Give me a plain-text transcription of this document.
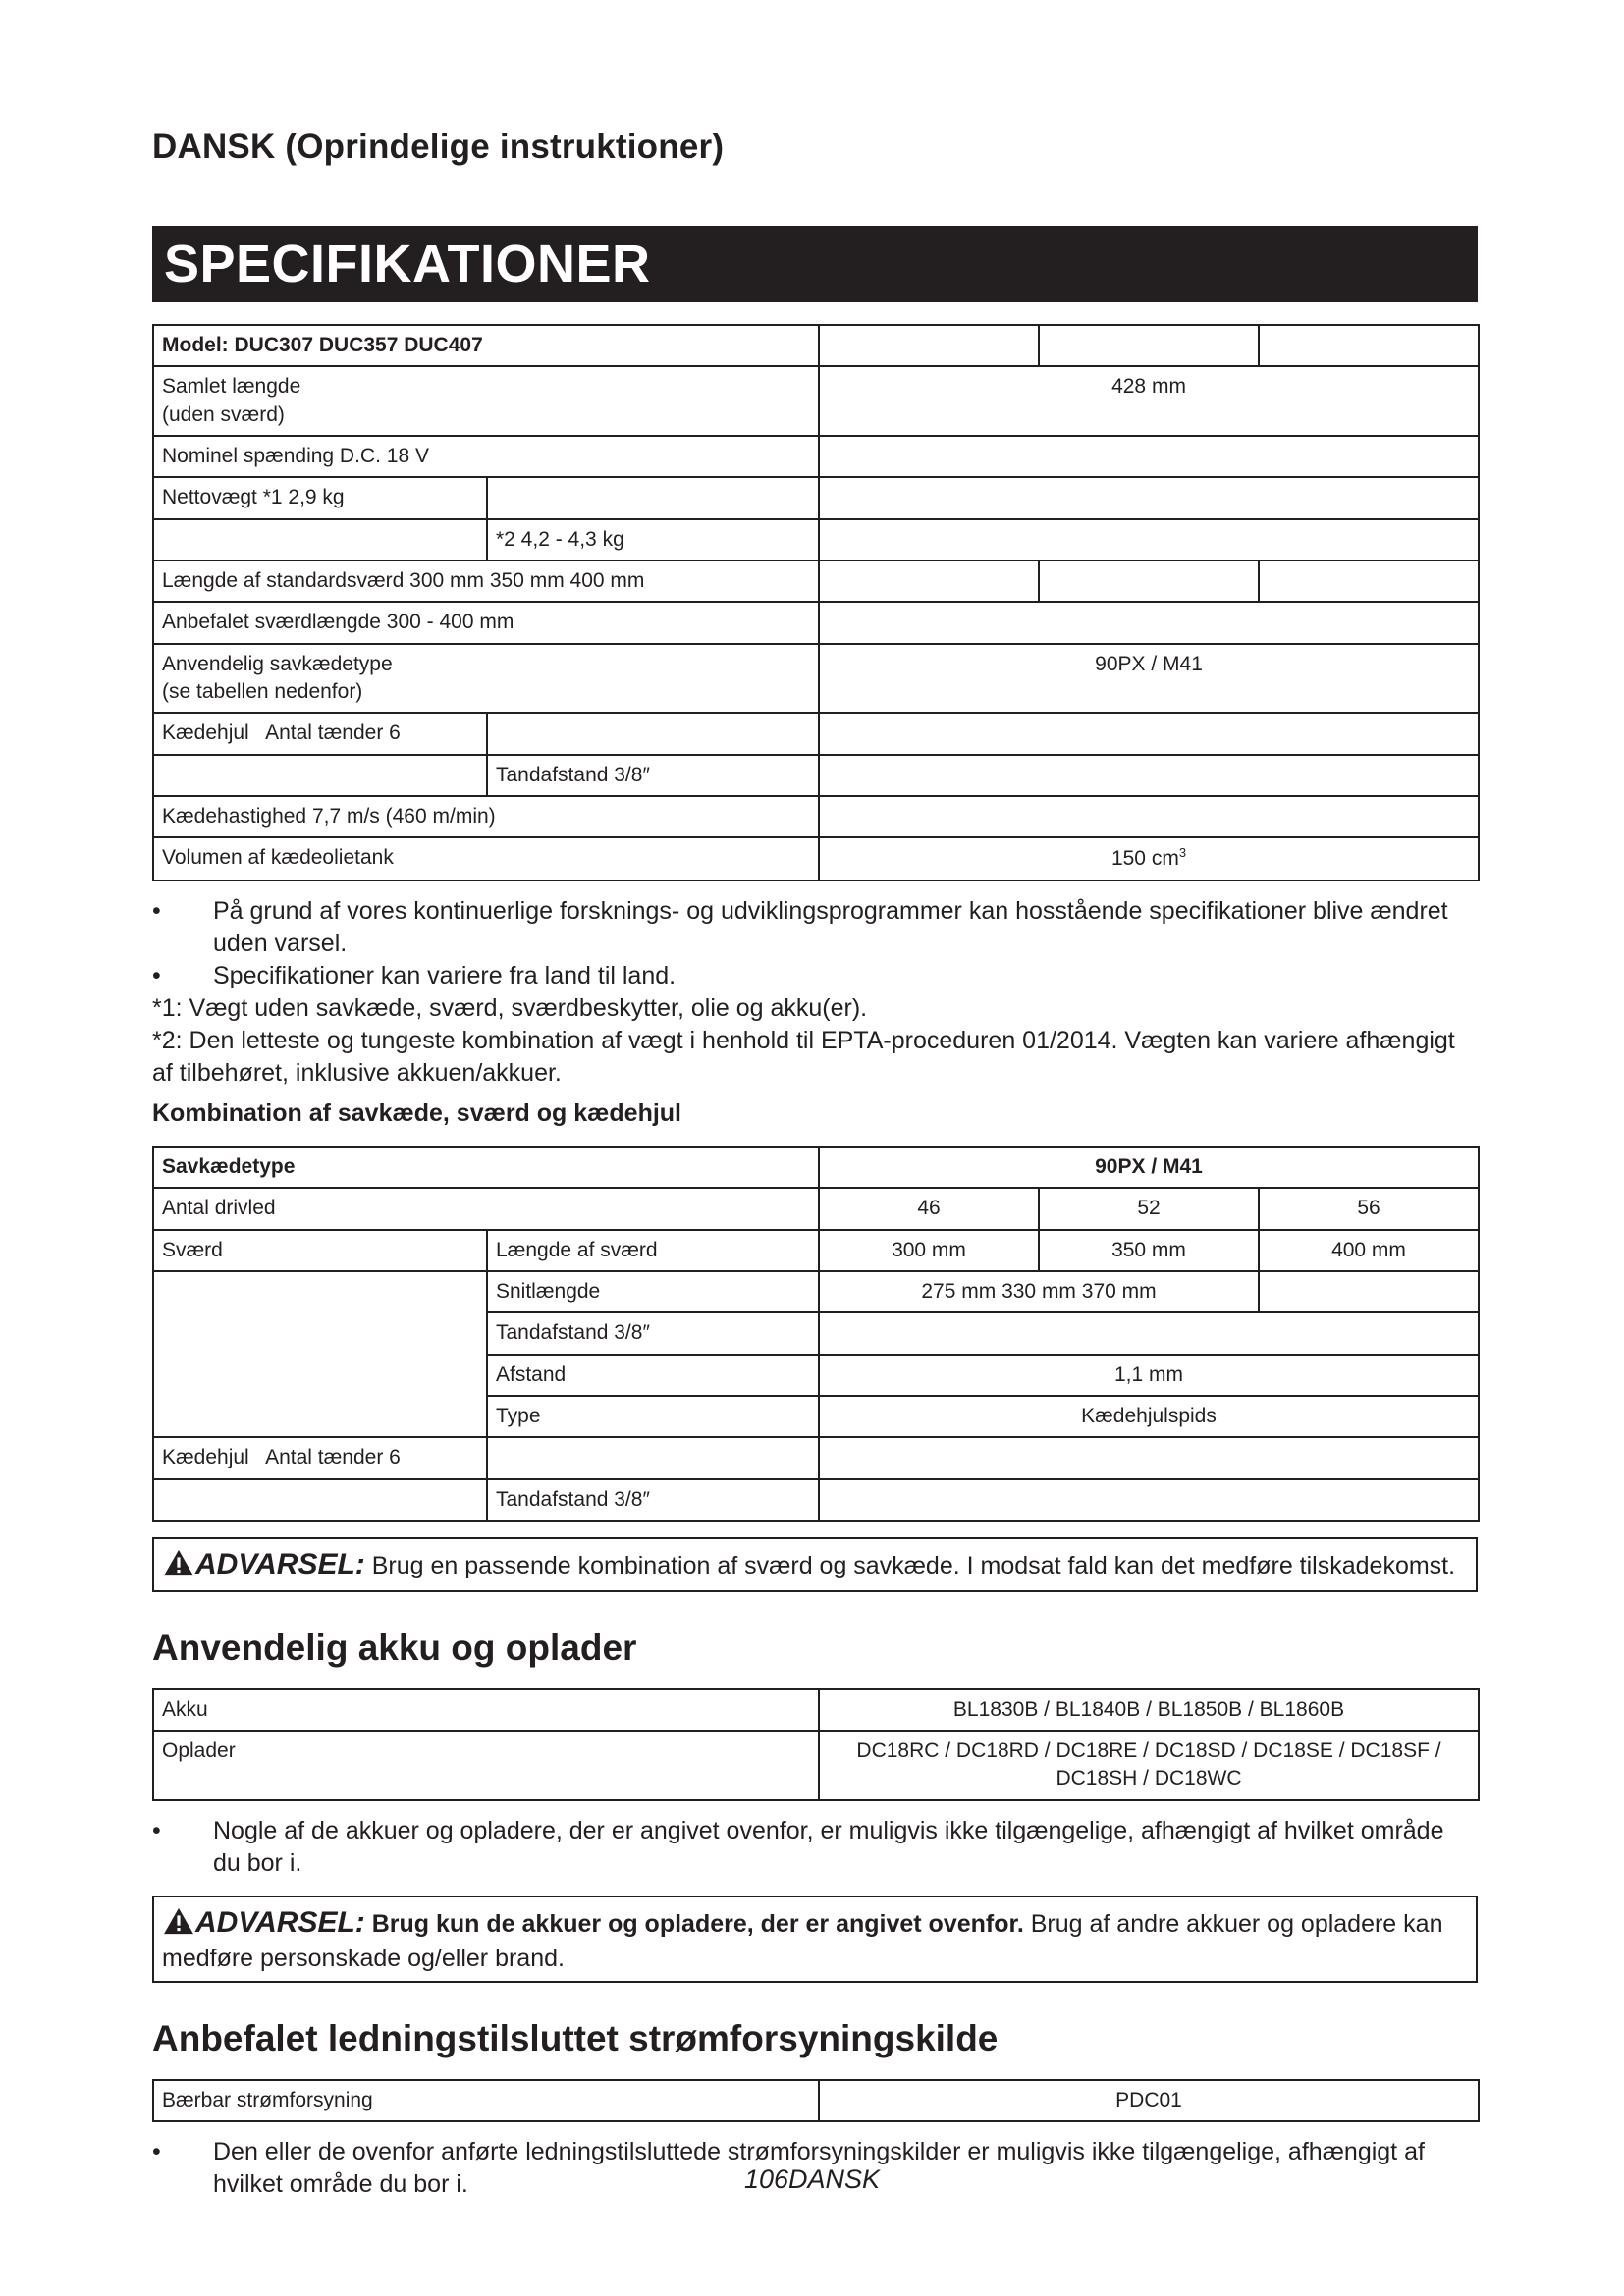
DANSK (Oprindelige instruktioner)
SPECIFIKATIONER
Model: DUC307 DUC357 DUC407				
Samlet længde
(uden sværd)		428 mm		
Nominel spænding D.C. 18 V				
Nettovægt *1 2,9 kg				
	*2 4,2 - 4,3 kg			
Længde af standardsværd 300 mm 350 mm 400 mm				
Anbefalet sværdlængde 300 - 400 mm				
Anvendelig savkædetype
(se tabellen nedenfor)		90PX / M41		
Kædehjul   Antal tænder 6				
	Tandafstand 3/8″			
Kædehastighed 7,7 m/s (460 m/min)				
Volumen af kædeolietank		150 $cm^3$
•	På grund af vores kontinuerlige forsknings- og udviklingsprogrammer kan hosstående specifikationer blive ændret uden varsel.
•	Specifikationer kan variere fra land til land.
*1: Vægt uden savkæde, sværd, sværdbeskytter, olie og akku(er).
*2: Den letteste og tungeste kombination af vægt i henhold til EPTA-proceduren 01/2014. Vægten kan variere afhængigt af tilbehøret, inklusive akkuen/akkuer.
Kombination af savkæde, sværd og kædehjul
Savkædetype		90PX / M41		
Antal drivled		46	52	56
Sværd	Længde af sværd	300 mm	350 mm	400 mm
	Snitlængde	275 mm 330 mm 370 mm		
	Tandafstand 3/8″			
	Afstand	1,1 mm		
	Type	Kædehjulspids		
Kædehjul   Antal tænder 6				
	Tandafstand 3/8″			
ADVARSEL: Brug en passende kombination af sværd og savkæde. I modsat fald kan det medføre tilskadekomst.
Anvendelig akku og oplader
Akku	BL1830B / BL1840B / BL1850B / BL1860B
Oplader	DC18RC / DC18RD / DC18RE / DC18SD / DC18SE / DC18SF / DC18SH / DC18WC
•	Nogle af de akkuer og opladere, der er angivet ovenfor, er muligvis ikke tilgængelige, afhængigt af hvilket område du bor i.
ADVARSEL: Brug kun de akkuer og opladere, der er angivet ovenfor. Brug af andre akkuer og opladere kan medføre personskade og/eller brand.
Anbefalet ledningstilsluttet strømforsyningskilde
Bærbar strømforsyning	PDC01
•	Den eller de ovenfor anførte ledningstilsluttede strømforsyningskilder er muligvis ikke tilgængelige, afhængigt af hvilket område du bor i.	106DANSK
